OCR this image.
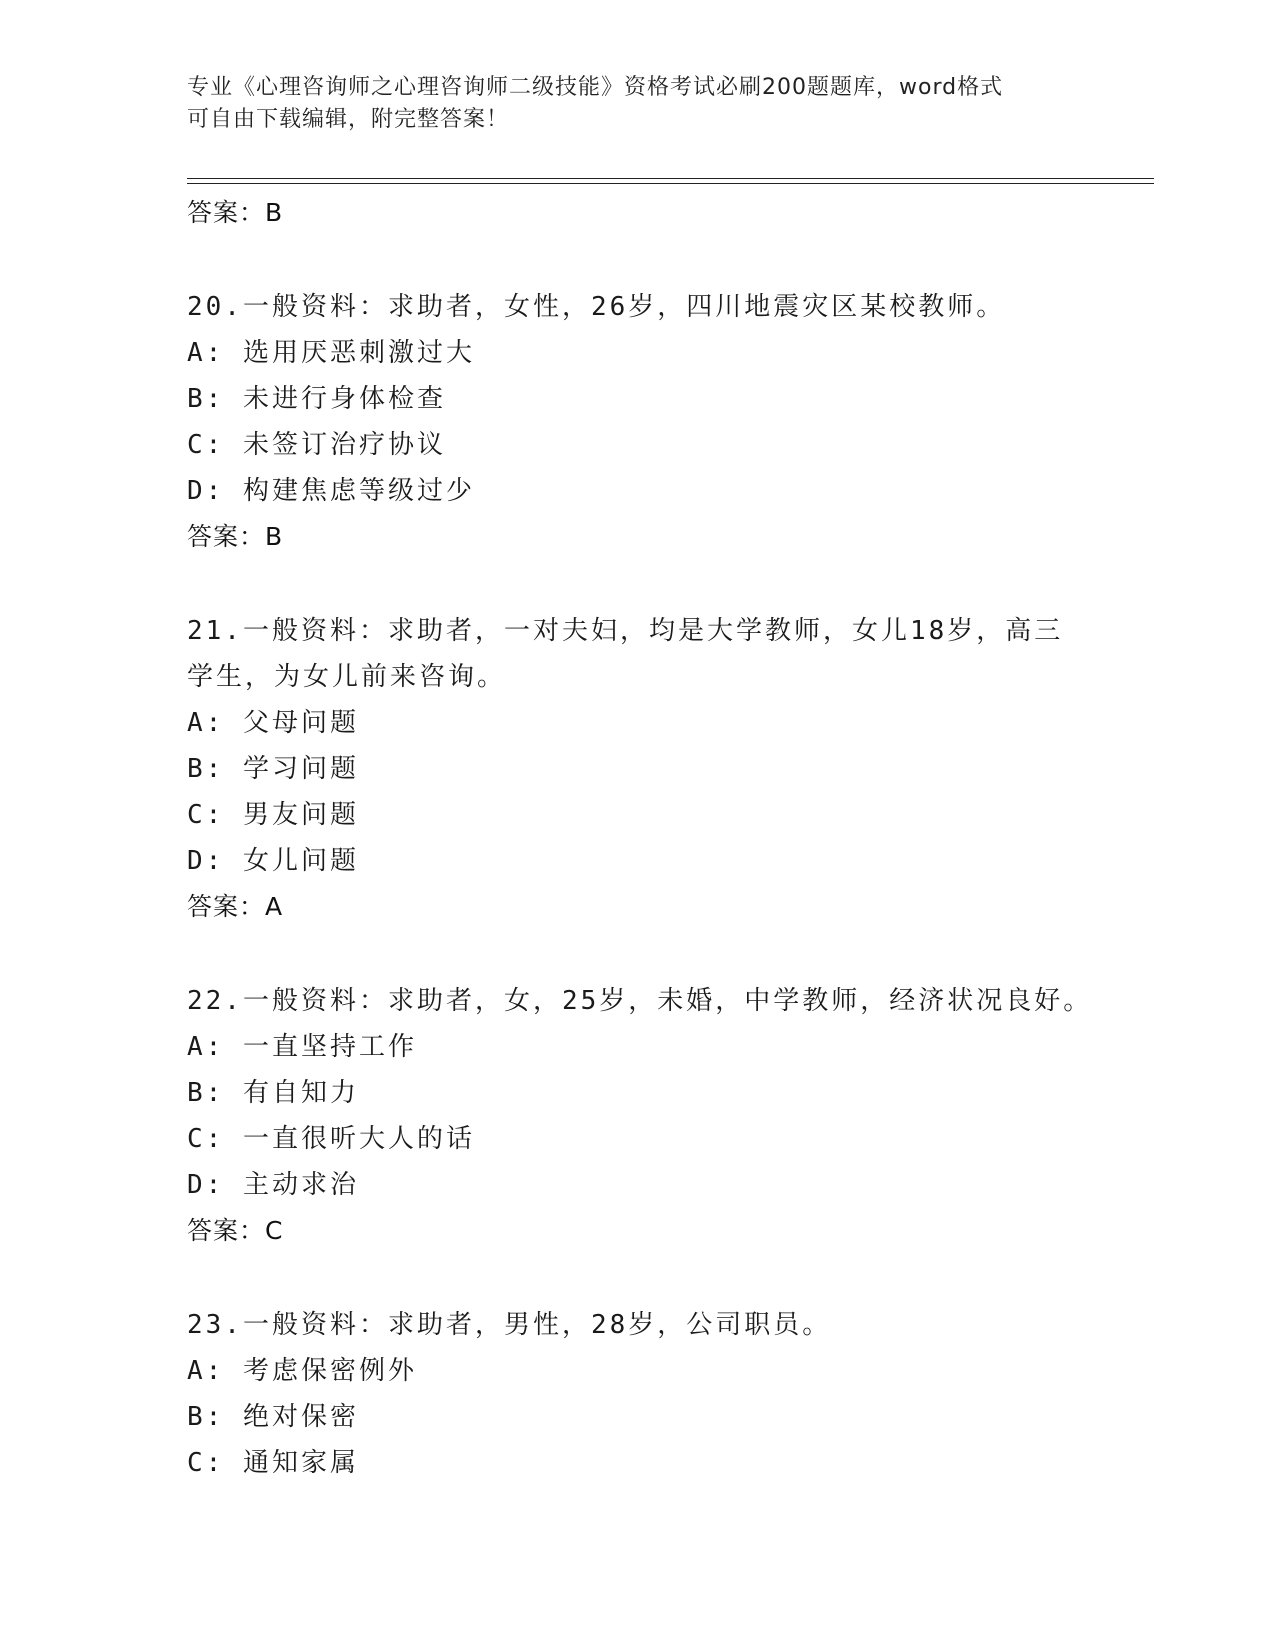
专业《心理咨询师之心理咨询师二级技能》资格考试必刷200题题库，word格式
可自由下载编辑，附完整答案！
答案：B
20.一般资料：求助者，女性，26岁，四川地震灾区某校教师。
A: 选用厌恶刺激过大
B: 未进行身体检查
C: 未签订治疗协议
D: 构建焦虑等级过少
答案：B
21.一般资料：求助者，一对夫妇，均是大学教师，女儿18岁，高三
学生，为女儿前来咨询。
A: 父母问题
B: 学习问题
C: 男友问题
D: 女儿问题
答案：A
22.一般资料：求助者，女，25岁，未婚，中学教师，经济状况良好。
A: 一直坚持工作
B: 有自知力
C: 一直很听大人的话
D: 主动求治
答案：C
23.一般资料：求助者，男性，28岁，公司职员。
A: 考虑保密例外
B: 绝对保密
C: 通知家属
